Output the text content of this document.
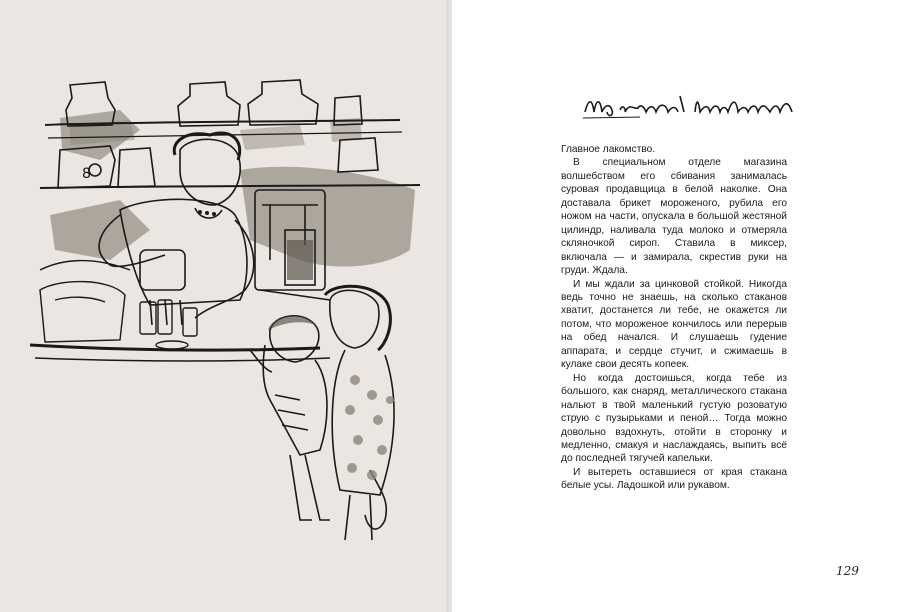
8

Главное лакомство.

В специальном отделе магазина волшебством его сбивания занималась суровая продавщица в белой наколке. Она доставала брикет мороженого, рубила его ножом на части, опускала в большой жестяной цилиндр, наливала туда молоко и отмеряла скляночкой сироп. Ставила в миксер, включала — и замирала, скрестив руки на груди. Ждала.

И мы ждали за цинковой стойкой. Никогда ведь точно не знаешь, на сколько стаканов хватит, достанется ли тебе, не окажется ли потом, что мороженое кончилось или перерыв на обед начался. И слушаешь гудение аппарата, и сердце стучит, и сжимаешь в кулаке свои десять копеек.

Но когда достоишься, когда тебе из большого, как снаряд, металлического стакана нальют в твой маленький густую розоватую струю с пузырьками и пеной… Тогда можно довольно вздохнуть, отойти в сторонку и медленно, смакуя и наслаждаясь, выпить всё до последней тягучей капельки.

И вытереть оставшиеся от края стакана белые усы. Ладошкой или рукавом.

129
